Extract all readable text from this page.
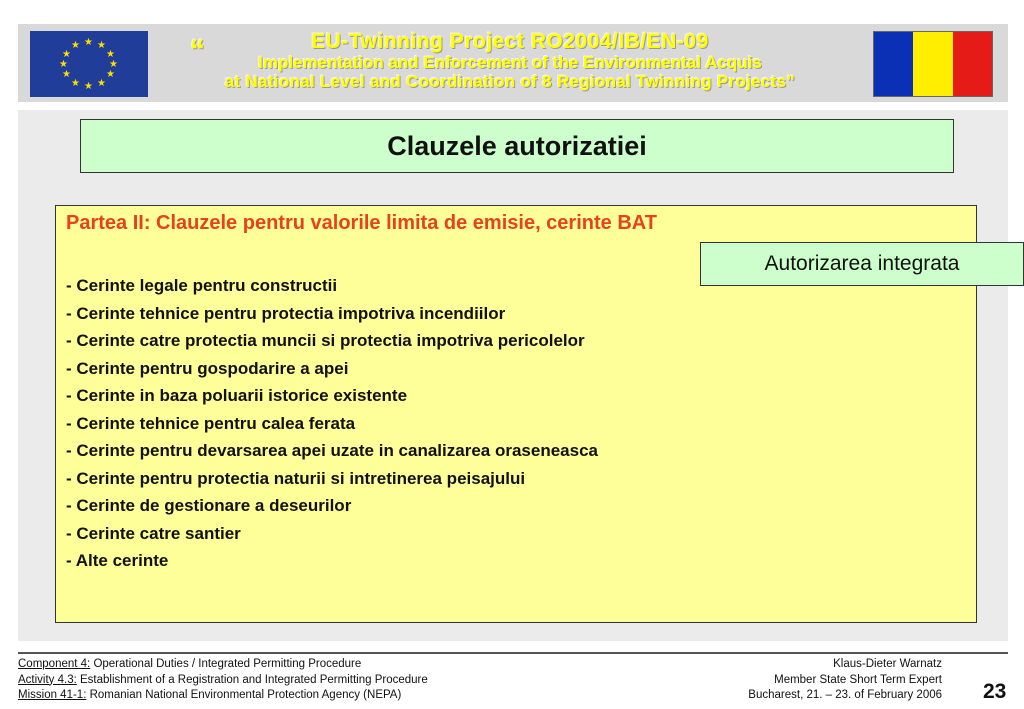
★ ★
★
★
★
★
★
★
★
★
★
★	EU-Twinning Project RO2004/IB/EN-09
“	Implementation and Enforcement of the Environmental Acquis
at National Level and Coordination of 8 Regional Twinning Projects”
Clauzele autorizatiei
Partea II: Clauzele pentru valorile limita de emisie, cerinte BAT
- Cerinte legale pentru constructii
- Cerinte tehnice pentru protectia impotriva incendiilor
- Cerinte catre protectia muncii si protectia impotriva pericolelor
- Cerinte pentru gospodarire a apei
- Cerinte in baza poluarii istorice existente
- Cerinte tehnice pentru calea ferata
- Cerinte pentru devarsarea apei uzate in canalizarea oraseneasca
- Cerinte pentru protectia naturii si intretinerea peisajului
- Cerinte de gestionare a deseurilor
- Cerinte catre santier
- Alte cerinte
Autorizarea integrata
Component 4: Operational Duties / Integrated Permitting Procedure
Activity 4.3: Establishment of a Registration and Integrated Permitting Procedure
Mission 41-1: Romanian National Environmental Protection Agency (NEPA)
Klaus-Dieter Warnatz
Member State Short Term Expert
Bucharest, 21. – 23. of February 2006 23
